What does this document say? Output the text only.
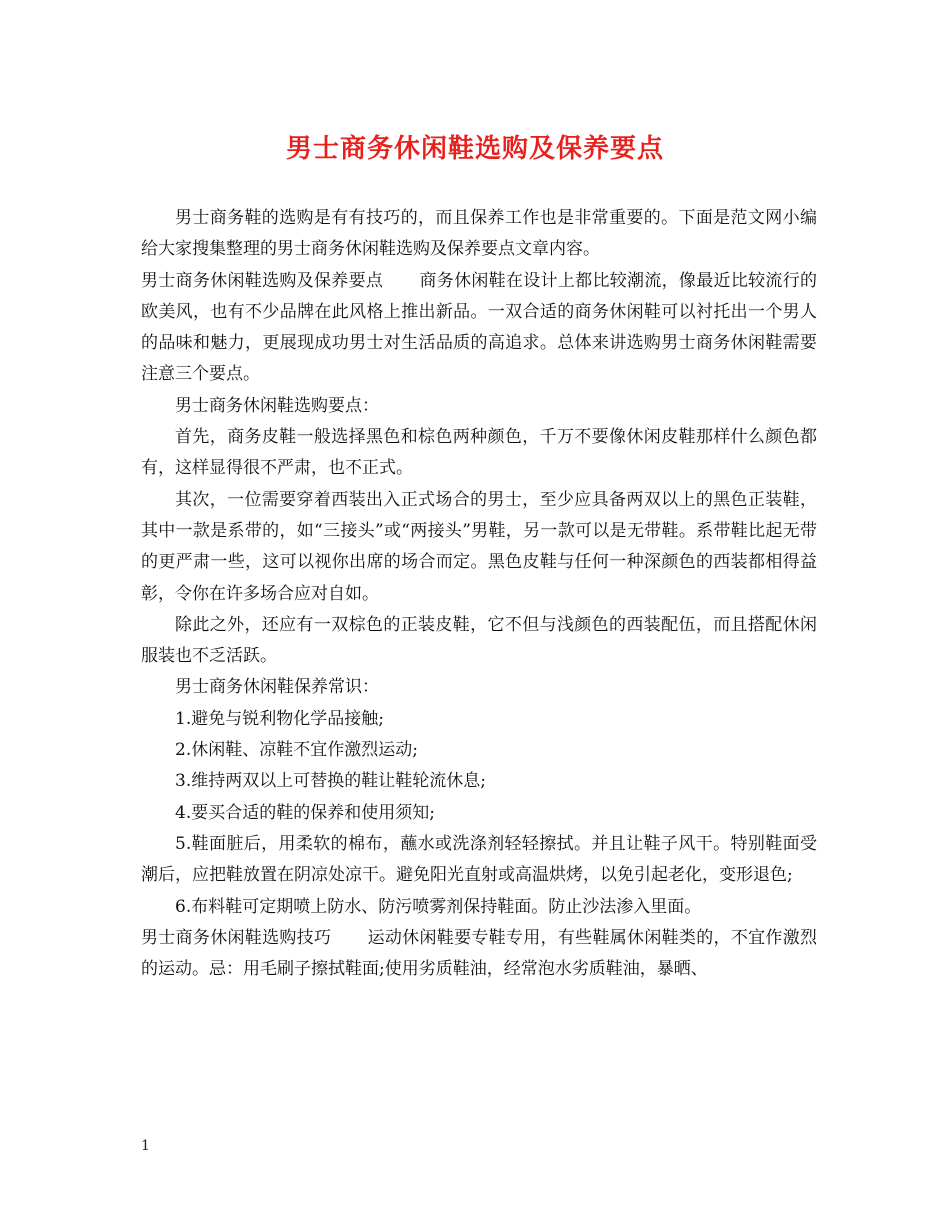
男士商务休闲鞋选购及保养要点

男士商务鞋的选购是有有技巧的，而且保养工作也是非常重要的。下面是范文网小编给大家搜集整理的男士商务休闲鞋选购及保养要点文章内容。

男士商务休闲鞋选购及保养要点 商务休闲鞋在设计上都比较潮流，像最近比较流行的欧美风，也有不少品牌在此风格上推出新品。一双合适的商务休闲鞋可以衬托出一个男人的品味和魅力，更展现成功男士对生活品质的高追求。总体来讲选购男士商务休闲鞋需要注意三个要点。

男士商务休闲鞋选购要点：

首先，商务皮鞋一般选择黑色和棕色两种颜色，千万不要像休闲皮鞋那样什么颜色都有，这样显得很不严肃，也不正式。

其次，一位需要穿着西装出入正式场合的男士，至少应具备两双以上的黑色正装鞋，其中一款是系带的，如“三接头”或“两接头”男鞋，另一款可以是无带鞋。系带鞋比起无带的更严肃一些，这可以视你出席的场合而定。黑色皮鞋与任何一种深颜色的西装都相得益彰，令你在许多场合应对自如。

除此之外，还应有一双棕色的正装皮鞋，它不但与浅颜色的西装配伍，而且搭配休闲服装也不乏活跃。

男士商务休闲鞋保养常识：

1.避免与锐利物化学品接触;

2.休闲鞋、凉鞋不宜作激烈运动;

3.维持两双以上可替换的鞋让鞋轮流休息;

4.要买合适的鞋的保养和使用须知;

5.鞋面脏后，用柔软的棉布，蘸水或洗涤剂轻轻擦拭。并且让鞋子风干。特别鞋面受潮后，应把鞋放置在阴凉处凉干。避免阳光直射或高温烘烤，以免引起老化，变形退色;

6.布料鞋可定期喷上防水、防污喷雾剂保持鞋面。防止沙法渗入里面。

男士商务休闲鞋选购技巧 运动休闲鞋要专鞋专用，有些鞋属休闲鞋类的，不宜作激烈的运动。忌：用毛刷子擦拭鞋面;使用劣质鞋油，经常泡水劣质鞋油，暴晒、

1
